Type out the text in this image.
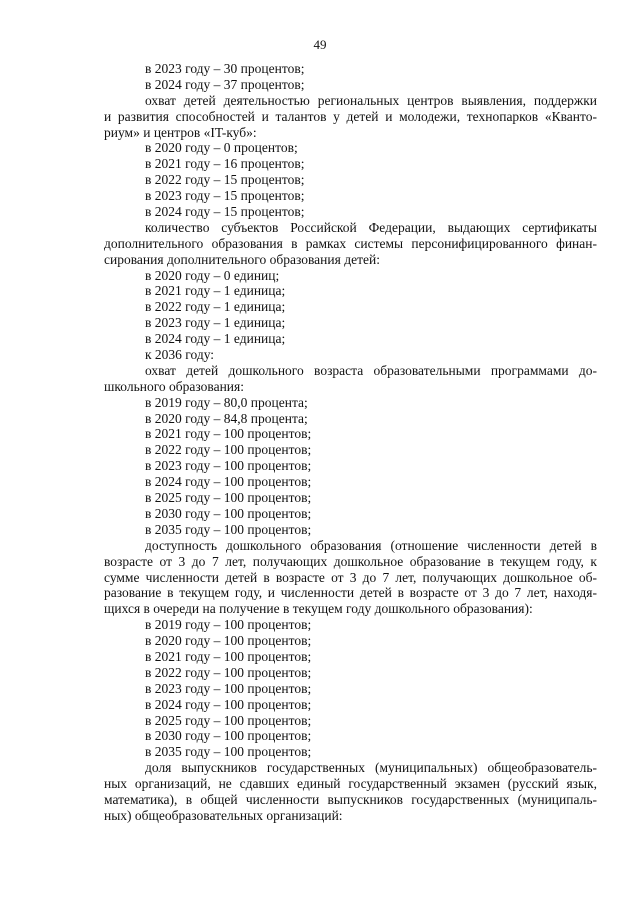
49
в 2023 году – 30 процентов;
в 2024 году – 37 процентов;
охват детей деятельностью региональных центров выявления, поддержки
и развития способностей и талантов у детей и молодежи, технопарков «Кванто-
риум» и центров «IT-куб»:
в 2020 году – 0 процентов;
в 2021 году – 16 процентов;
в 2022 году – 15 процентов;
в 2023 году – 15 процентов;
в 2024 году – 15 процентов;
количество субъектов Российской Федерации, выдающих сертификаты
дополнительного образования в рамках системы персонифицированного финан-
сирования дополнительного образования детей:
в 2020 году – 0 единиц;
в 2021 году – 1 единица;
в 2022 году – 1 единица;
в 2023 году – 1 единица;
в 2024 году – 1 единица;
к 2036 году:
охват детей дошкольного возраста образовательными программами до-
школьного образования:
в 2019 году – 80,0 процента;
в 2020 году – 84,8 процента;
в 2021 году – 100 процентов;
в 2022 году – 100 процентов;
в 2023 году – 100 процентов;
в 2024 году – 100 процентов;
в 2025 году – 100 процентов;
в 2030 году – 100 процентов;
в 2035 году – 100 процентов;
доступность дошкольного образования (отношение численности детей в
возрасте от 3 до 7 лет, получающих дошкольное образование в текущем году, к
сумме численности детей в возрасте от 3 до 7 лет, получающих дошкольное об-
разование в текущем году, и численности детей в возрасте от 3 до 7 лет, находя-
щихся в очереди на получение в текущем году дошкольного образования):
в 2019 году – 100 процентов;
в 2020 году – 100 процентов;
в 2021 году – 100 процентов;
в 2022 году – 100 процентов;
в 2023 году – 100 процентов;
в 2024 году – 100 процентов;
в 2025 году – 100 процентов;
в 2030 году – 100 процентов;
в 2035 году – 100 процентов;
доля выпускников государственных (муниципальных) общеобразователь-
ных организаций, не сдавших единый государственный экзамен (русский язык,
математика), в общей численности выпускников государственных (муниципаль-
ных) общеобразовательных организаций:
